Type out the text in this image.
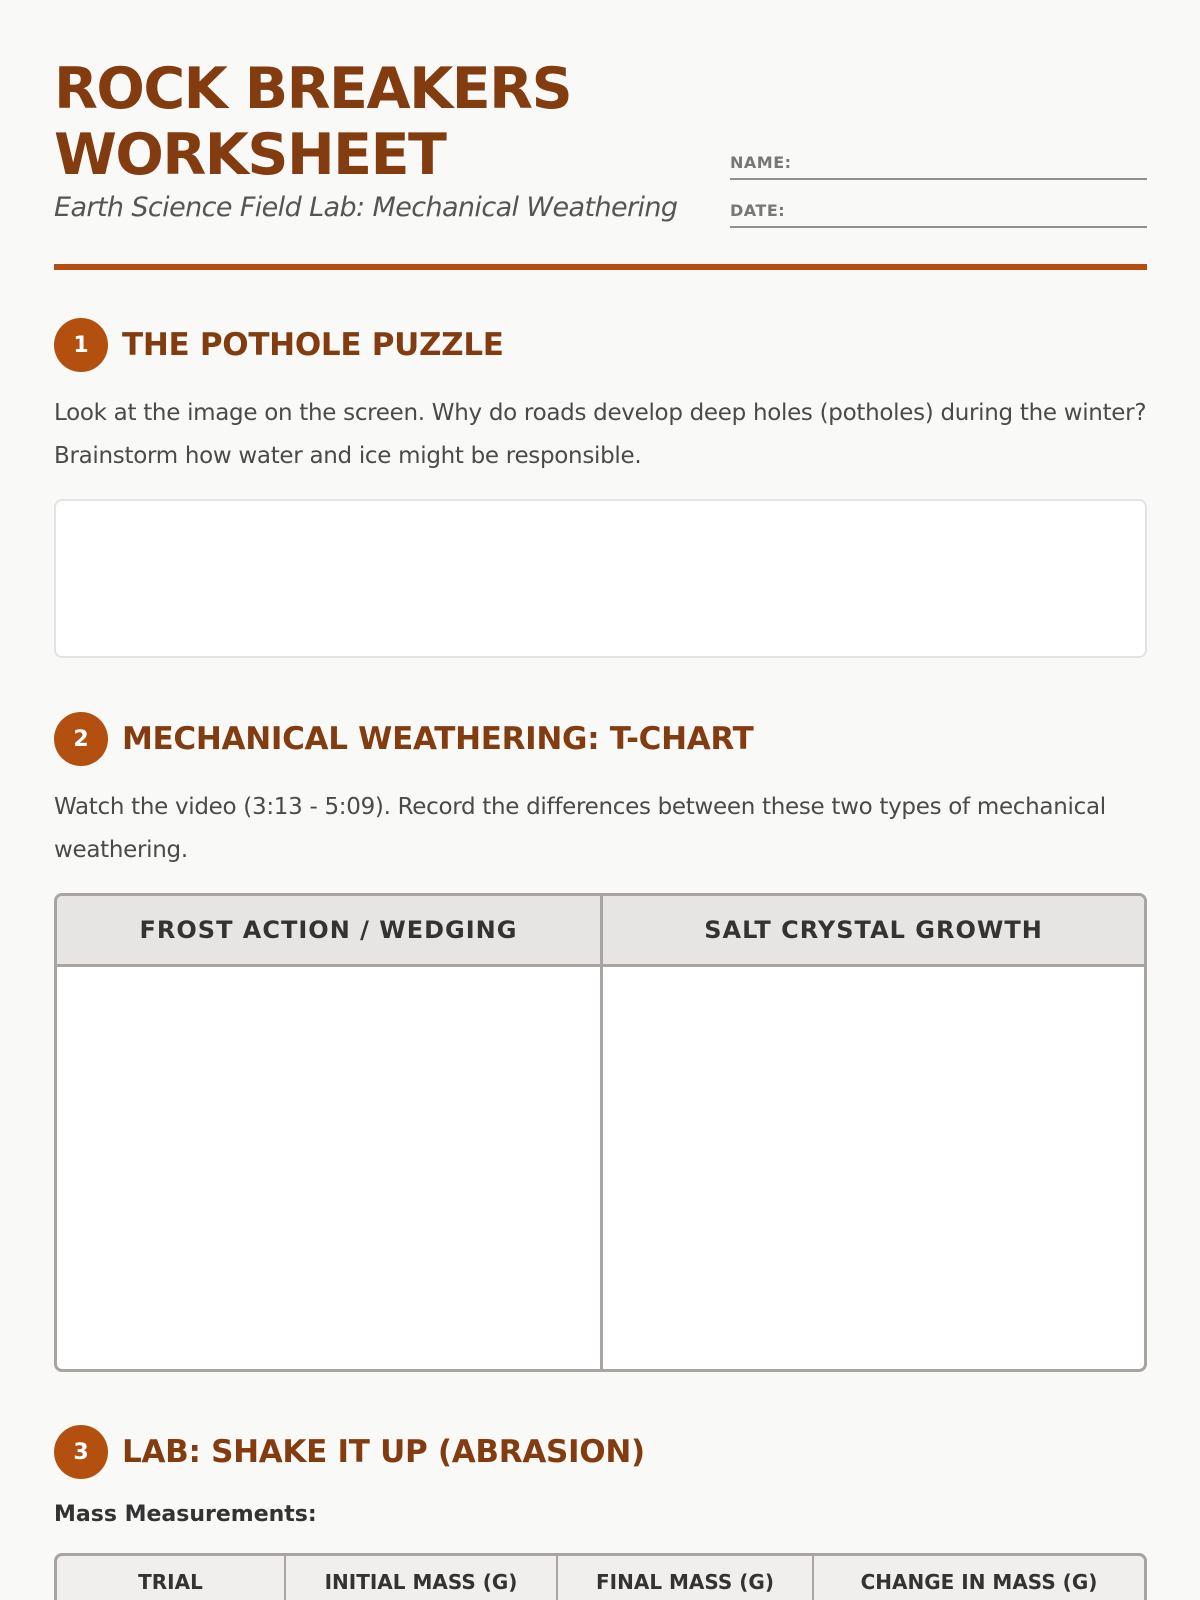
ROCK BREAKERS WORKSHEET
Earth Science Field Lab: Mechanical Weathering
NAME:
DATE:
1	THE POTHOLE PUZZLE

Look at the image on the screen. Why do roads develop deep holes (potholes) during the winter? Brainstorm how water and ice might be responsible.

2	MECHANICAL WEATHERING: T-CHART

Watch the video (3:13 - 5:09). Record the differences between these two types of mechanical weathering.

FROST ACTION / WEDGING	SALT CRYSTAL GROWTH
3	LAB: SHAKE IT UP (ABRASION)
Mass Measurements:
TRIAL	INITIAL MASS (G)	FINAL MASS (G)	CHANGE IN MASS (G)
